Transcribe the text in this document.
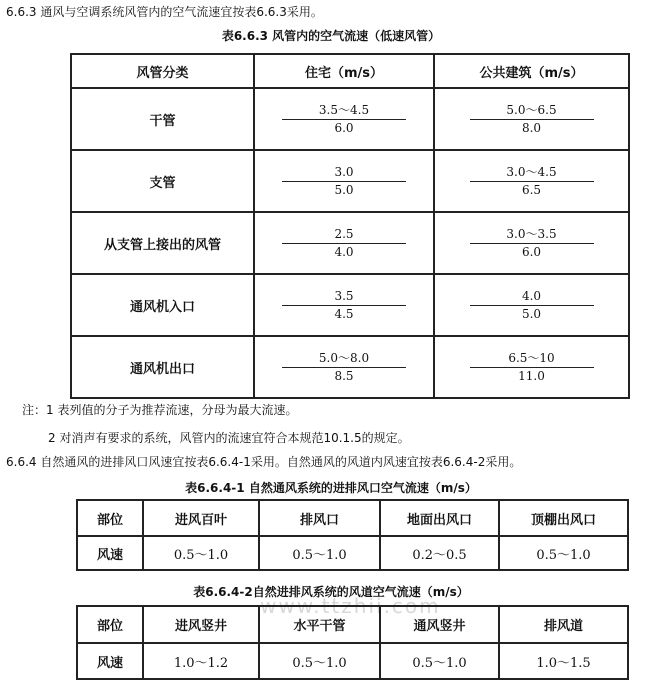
6.6.3 通风与空调系统风管内的空气流速宜按表6.6.3采用。
表6.6.3 风管内的空气流速（低速风管）
风管分类	住宅（m/s）	公共建筑（m/s）
干管	$\frac{3.5\sim 4.5}{6.0}$	$\frac{5.0\sim 6.5}{8.0}$

支管	$\frac{3.0}{5.0}$	$\frac{3.0\sim 4.5}{6.5}$

从支管上接出的风管	$\frac{2.5}{4.0}$	$\frac{3.0\sim 3.5}{6.0}$

通风机入口	$\frac{3.5}{4.5}$	$\frac{4.0}{5.0}$

通风机出口	$\frac{5.0\sim 8.0}{8.5}$	$\frac{6.5\sim 10}{11.0}$
注：1 表列值的分子为推荐流速，分母为最大流速。
2 对消声有要求的系统，风管内的流速宜符合本规范10.1.5的规定。
6.6.4 自然通风的进排风口风速宜按表6.6.4-1采用。自然通风的风道内风速宜按表6.6.4-2采用。
表6.6.4-1 自然通风系统的进排风口空气流速（m/s）
部位	进风百叶	排风口	地面出风口	顶棚出风口
风速	0.5～1.0	0.5～1.0	0.2～0.5	0.5～1.0
表6.6.4-2自然进排风系统的风道空气流速（m/s）
www.ttzhii.com
部位	进风竖井	水平干管	通风竖井	排风道
风速	1.0～1.2	0.5～1.0	0.5～1.0	1.0～1.5
